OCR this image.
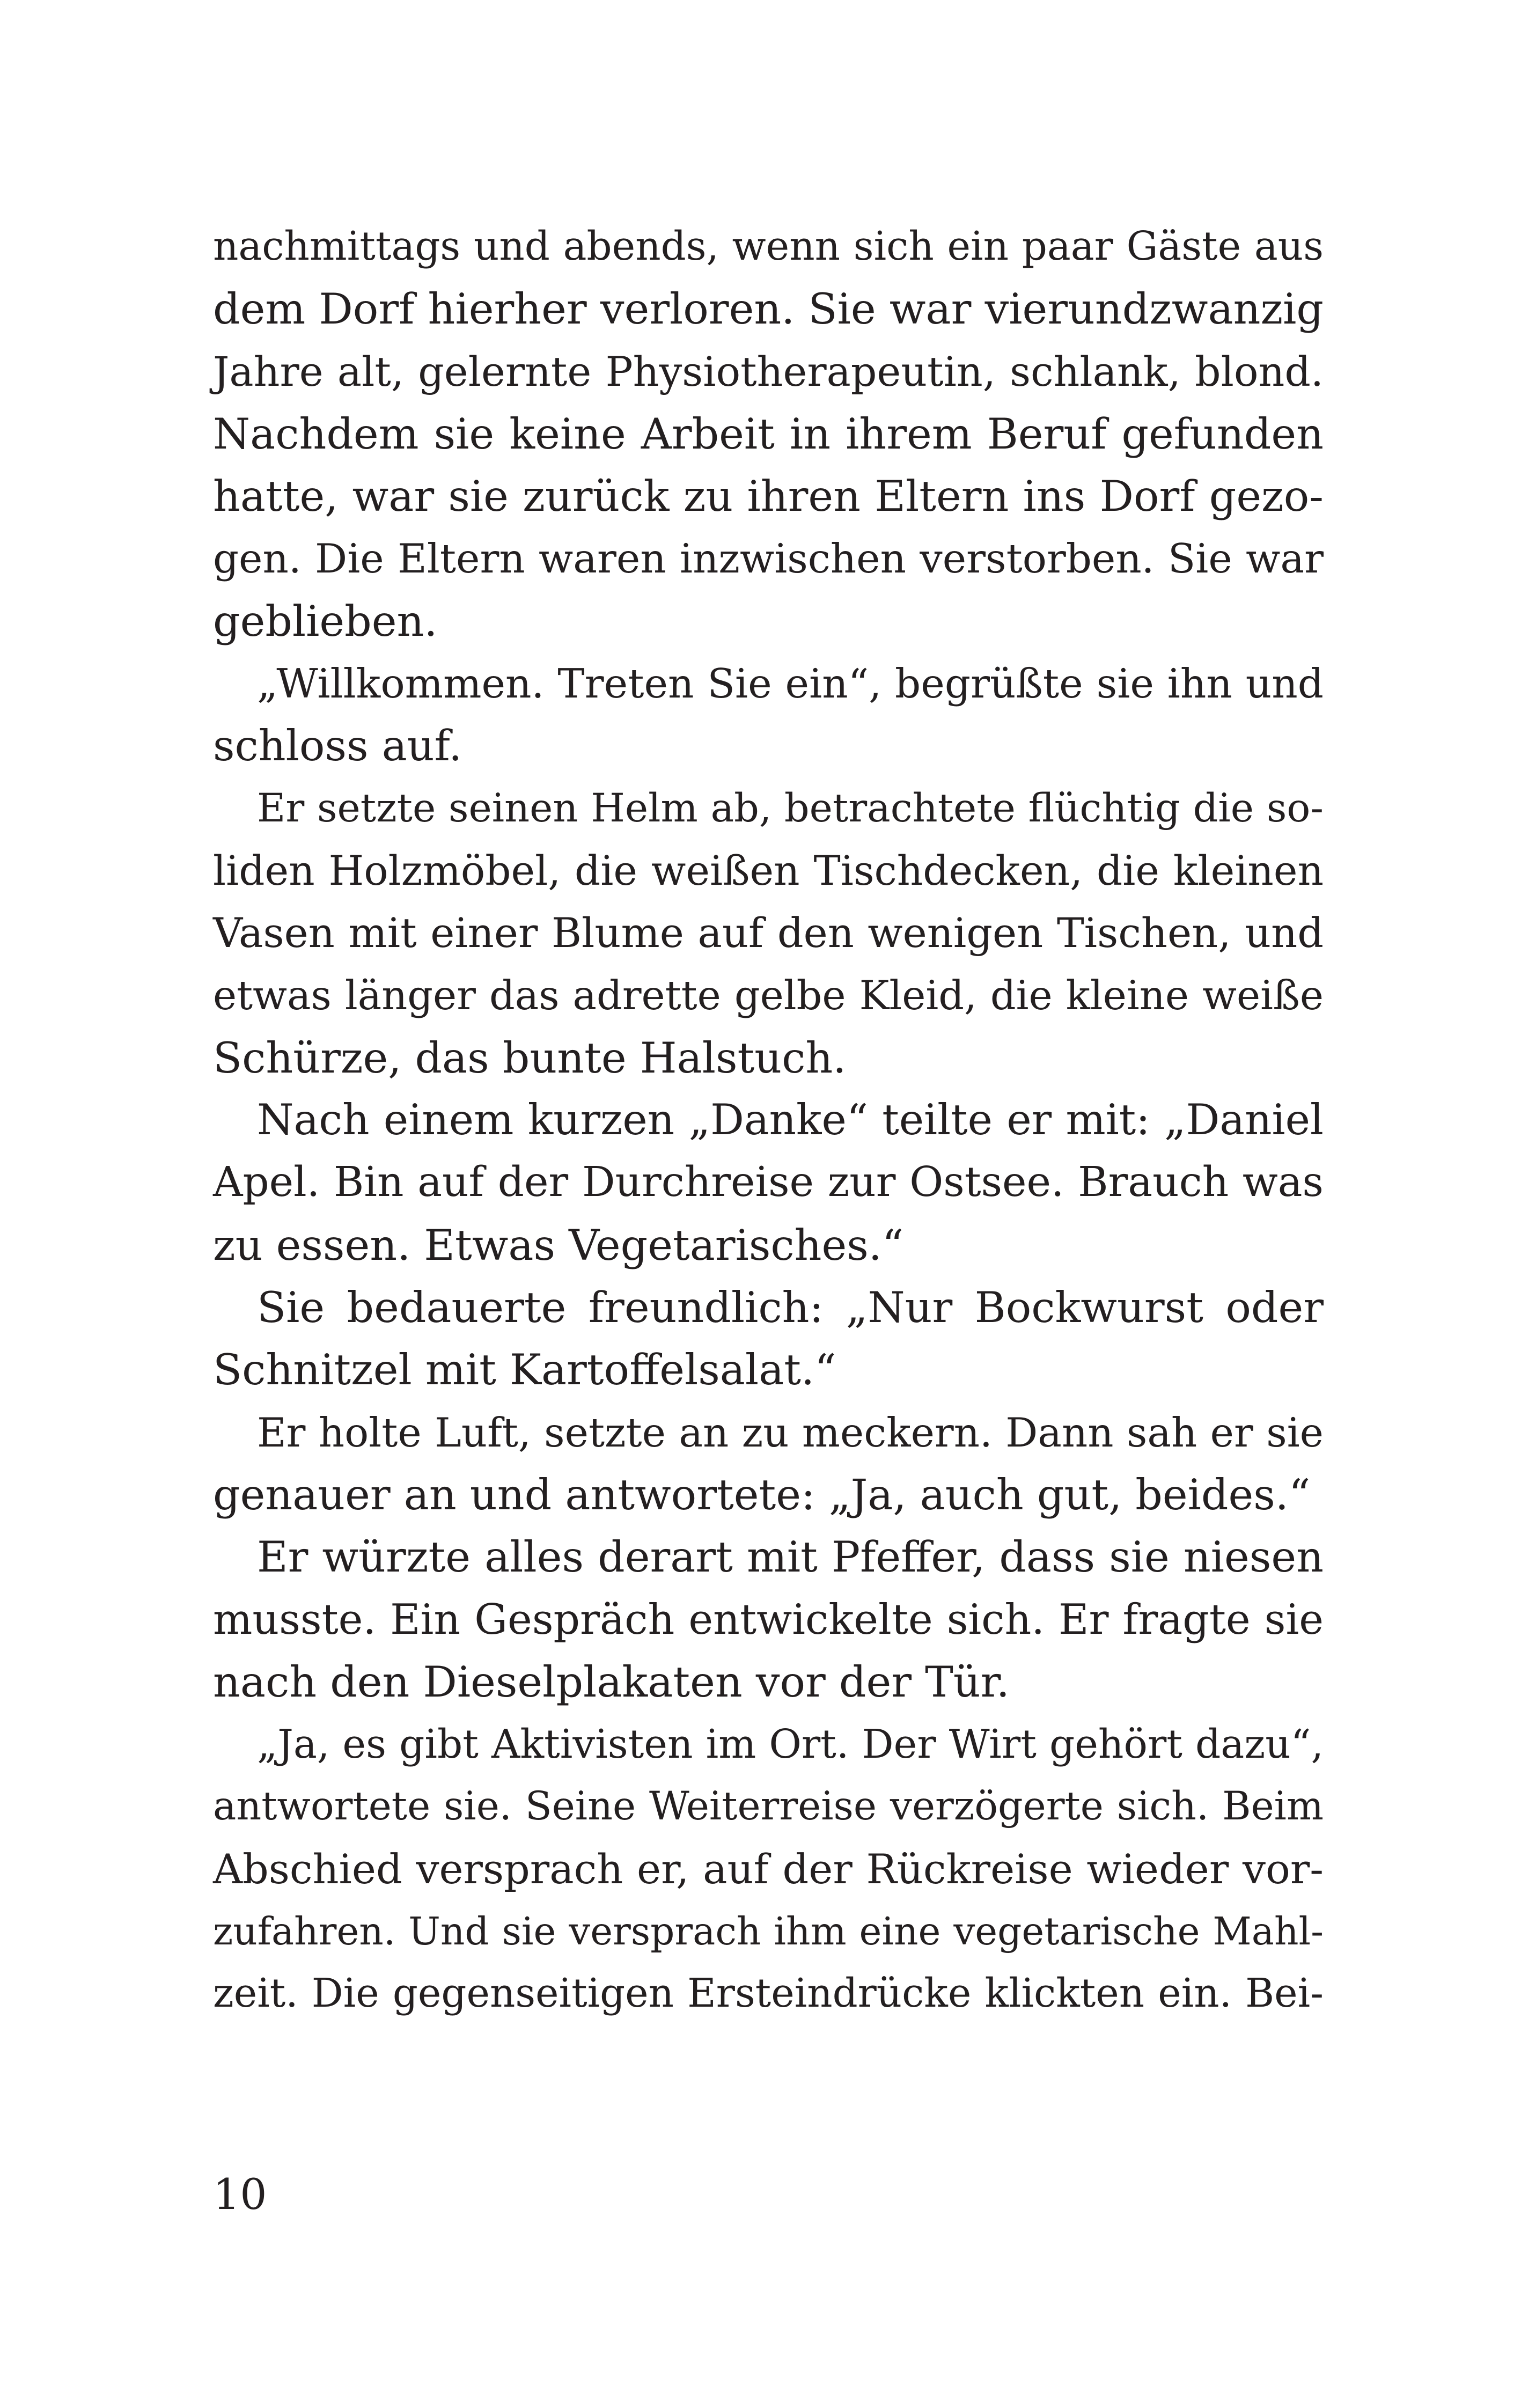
nachmittags und abends, wenn sich ein paar Gäste aus
dem Dorf hierher verloren. Sie war vierundzwanzig
Jahre alt, gelernte Physiotherapeutin, schlank, blond.
Nachdem sie keine Arbeit in ihrem Beruf gefunden
hatte, war sie zurück zu ihren Eltern ins Dorf gezo-
gen. Die Eltern waren inzwischen verstorben. Sie war
geblieben.
„Willkommen. Treten Sie ein“, begrüßte sie ihn und
schloss auf.
Er setzte seinen Helm ab, betrachtete flüchtig die so-
liden Holzmöbel, die weißen Tischdecken, die kleinen
Vasen mit einer Blume auf den wenigen Tischen, und
etwas länger das adrette gelbe Kleid, die kleine weiße
Schürze, das bunte Halstuch.
Nach einem kurzen „Danke“ teilte er mit: „Daniel
Apel. Bin auf der Durchreise zur Ostsee. Brauch was
zu essen. Etwas Vegetarisches.“
Sie bedauerte freundlich: „Nur Bockwurst oder
Schnitzel mit Kartoffelsalat.“
Er holte Luft, setzte an zu meckern. Dann sah er sie
genauer an und antwortete: „Ja, auch gut, beides.“
Er würzte alles derart mit Pfeffer, dass sie niesen
musste. Ein Gespräch entwickelte sich. Er fragte sie
nach den Dieselplakaten vor der Tür.
„Ja, es gibt Aktivisten im Ort. Der Wirt gehört dazu“,
antwortete sie. Seine Weiterreise verzögerte sich. Beim
Abschied versprach er, auf der Rückreise wieder vor-
zufahren. Und sie versprach ihm eine vegetarische Mahl-
zeit. Die gegenseitigen Ersteindrücke klickten ein. Bei-
10
